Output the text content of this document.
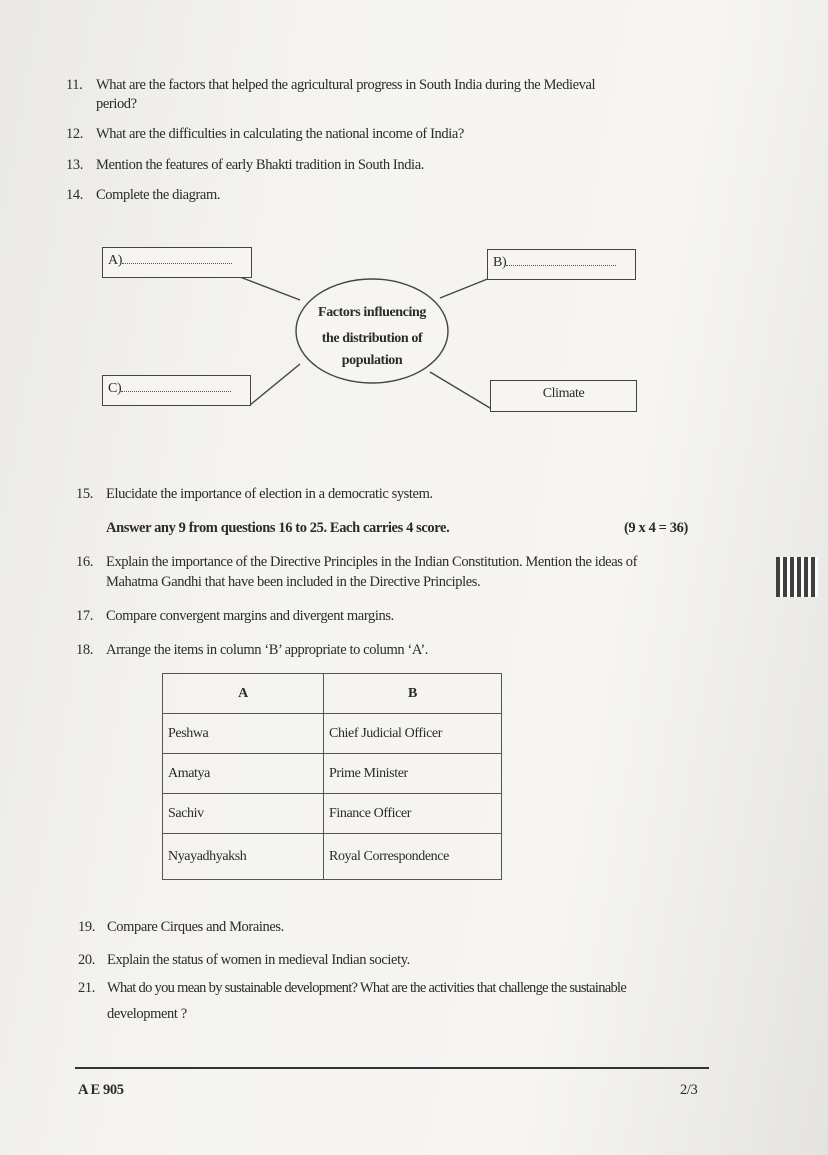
11. What are the factors that helped the agricultural progress in South India during the Medieval
period?
12. What are the difficulties in calculating the national income of India?
13. Mention the features of early Bhakti tradition in South India.
14. Complete the diagram.
A)	B)
C)	Climate
Factors influencing
the distribution of
population
15. Elucidate the importance of election in a democratic system.
Answer any 9 from questions 16 to 25. Each carries 4 score.	(9 x 4 = 36)
16. Explain the importance of the Directive Principles in the Indian Constitution. Mention the ideas of
Mahatma Gandhi that have been included in the Directive Principles.
17. Compare convergent margins and divergent margins.
18. Arrange the items in column ‘B’ appropriate to column ‘A’.
A	B
Peshwa	Chief Judicial Officer
Amatya	Prime Minister
Sachiv	Finance Officer
Nyayadhyaksh	Royal Correspondence
19. Compare Cirques and Moraines.
20. Explain the status of women in medieval Indian society.
21. What do you mean by sustainable development? What are the activities that challenge the sustainable
development ?
A E 905	2/3
